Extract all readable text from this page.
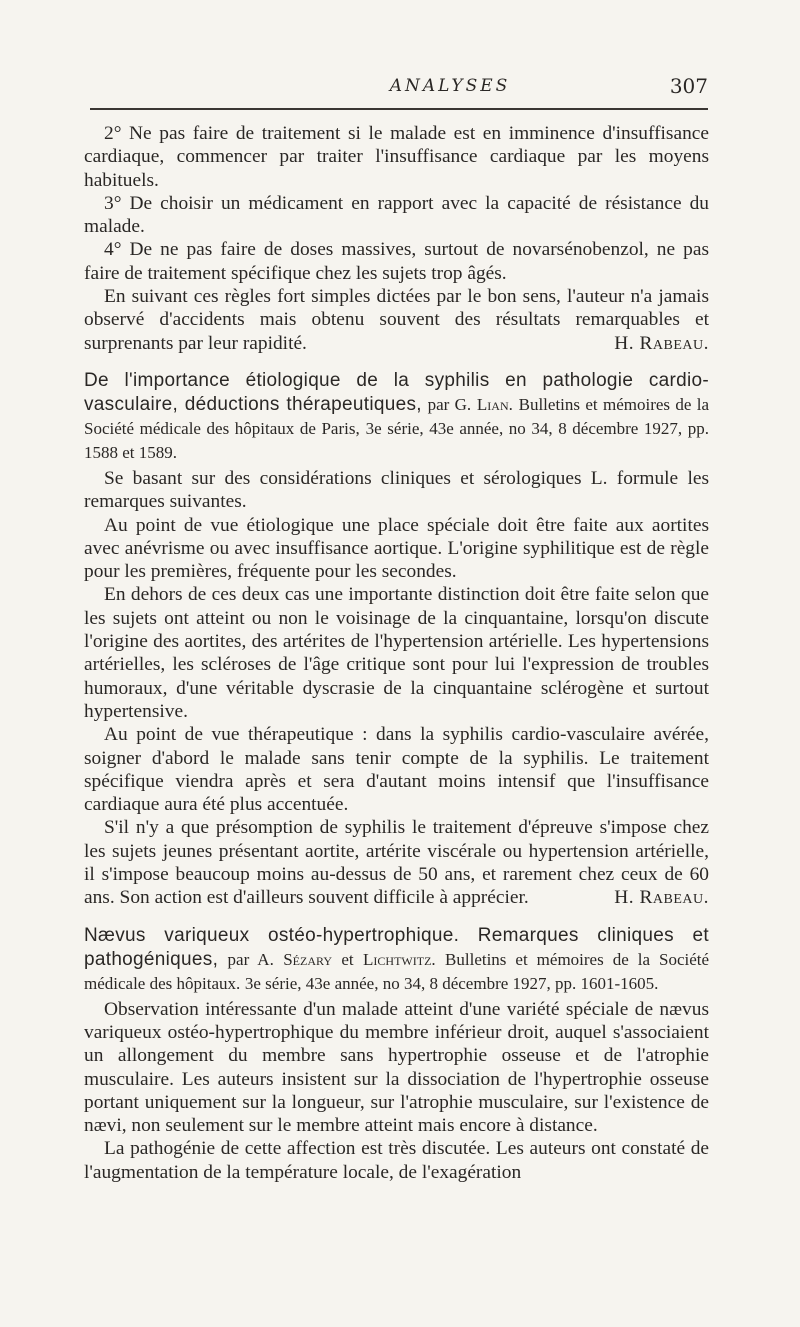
ANALYSES	307

2° Ne pas faire de traitement si le malade est en imminence d'insuffisance cardiaque, commencer par traiter l'insuffisance cardiaque par les moyens habituels.

3° De choisir un médicament en rapport avec la capacité de résistance du malade.

4° De ne pas faire de doses massives, surtout de novarsénobenzol, ne pas faire de traitement spécifique chez les sujets trop âgés.

En suivant ces règles fort simples dictées par le bon sens, l'auteur n'a jamais observé d'accidents mais obtenu souvent des résultats remarquables et surprenants par leur rapidité.	H. Rabeau.

De l'importance étiologique de la syphilis en pathologie cardio-vasculaire, déductions thérapeutiques, par G. Lian. Bulletins et mémoires de la Société médicale des hôpitaux de Paris, 3e série, 43e année, no 34, 8 décembre 1927, pp. 1588 et 1589.

Se basant sur des considérations cliniques et sérologiques L. formule les remarques suivantes.

Au point de vue étiologique une place spéciale doit être faite aux aortites avec anévrisme ou avec insuffisance aortique. L'origine syphilitique est de règle pour les premières, fréquente pour les secondes.

En dehors de ces deux cas une importante distinction doit être faite selon que les sujets ont atteint ou non le voisinage de la cinquantaine, lorsqu'on discute l'origine des aortites, des artérites de l'hypertension artérielle. Les hypertensions artérielles, les scléroses de l'âge critique sont pour lui l'expression de troubles humoraux, d'une véritable dyscrasie de la cinquantaine sclérogène et surtout hypertensive.

Au point de vue thérapeutique : dans la syphilis cardio-vasculaire avérée, soigner d'abord le malade sans tenir compte de la syphilis. Le traitement spécifique viendra après et sera d'autant moins intensif que l'insuffisance cardiaque aura été plus accentuée.

S'il n'y a que présomption de syphilis le traitement d'épreuve s'impose chez les sujets jeunes présentant aortite, artérite viscérale ou hypertension artérielle, il s'impose beaucoup moins au-dessus de 50 ans, et rarement chez ceux de 60 ans. Son action est d'ailleurs souvent difficile à apprécier.	H. Rabeau.

Nævus variqueux ostéo-hypertrophique. Remarques cliniques et pathogéniques, par A. Sézary et Lichtwitz. Bulletins et mémoires de la Société médicale des hôpitaux. 3e série, 43e année, no 34, 8 décembre 1927, pp. 1601-1605.

Observation intéressante d'un malade atteint d'une variété spéciale de nævus variqueux ostéo-hypertrophique du membre inférieur droit, auquel s'associaient un allongement du membre sans hypertrophie osseuse et de l'atrophie musculaire. Les auteurs insistent sur la dissociation de l'hypertrophie osseuse portant uniquement sur la longueur, sur l'atrophie musculaire, sur l'existence de nævi, non seulement sur le membre atteint mais encore à distance.

La pathogénie de cette affection est très discutée. Les auteurs ont constaté de l'augmentation de la température locale, de l'exagération
